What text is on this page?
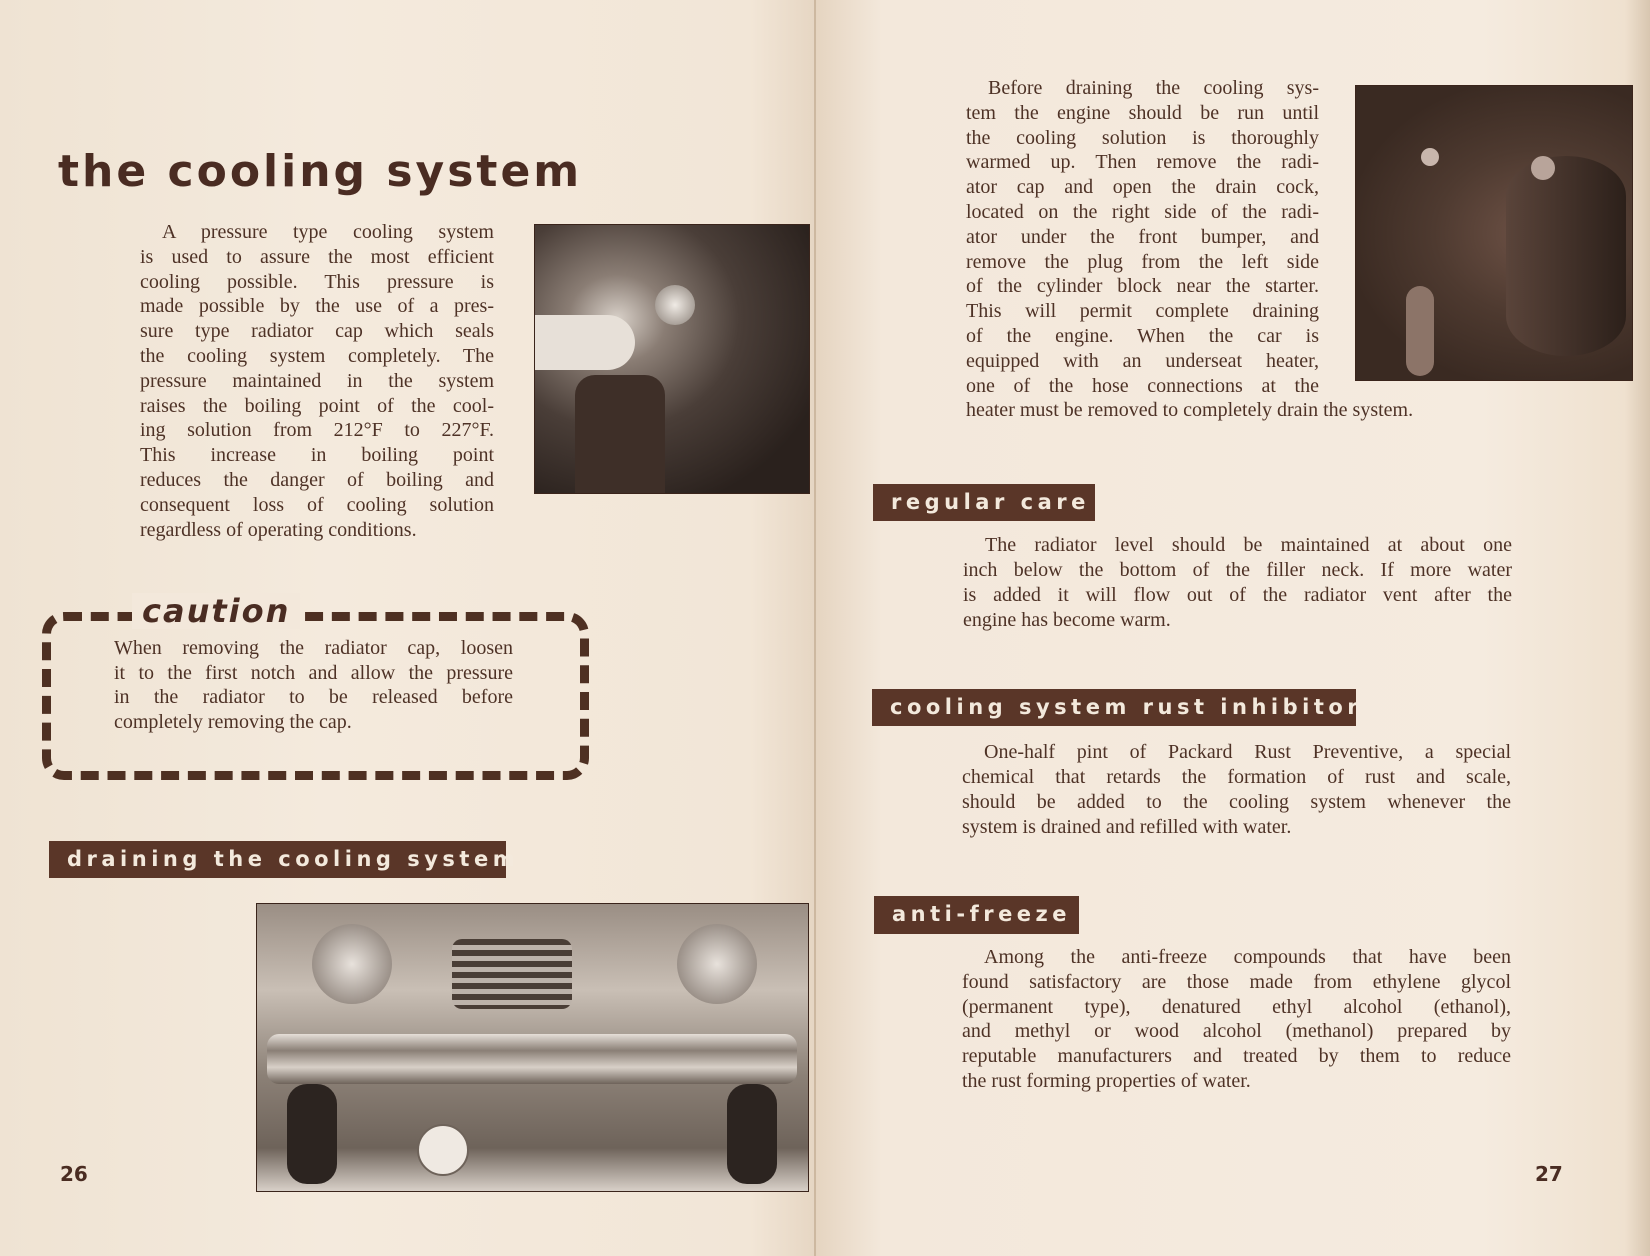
the cooling system
A pressure type cooling system
is used to assure the most efficient
cooling possible. This pressure is
made possible by the use of a pres-
sure type radiator cap which seals
the cooling system completely. The
pressure maintained in the system
raises the boiling point of the cool-
ing solution from 212°F to 227°F.
This increase in boiling point
reduces the danger of boiling and
consequent loss of cooling solution
regardless of operating conditions.
caution
When removing the radiator cap, loosen
it to the first notch and allow the pressure
in the radiator to be released before
completely removing the cap.
draining the cooling system
26
Before draining the cooling sys-
tem the engine should be run until
the cooling solution is thoroughly
warmed up. Then remove the radi-
ator cap and open the drain cock,
located on the right side of the radi-
ator under the front bumper, and
remove the plug from the left side
of the cylinder block near the starter.
This will permit complete draining
of the engine. When the car is
equipped with an underseat heater,
one of the hose connections at the
heater must be removed to completely drain the system.
regular care
The radiator level should be maintained at about one
inch below the bottom of the filler neck. If more water
is added it will flow out of the radiator vent after the
engine has become warm.
cooling system rust inhibitor
One-half pint of Packard Rust Preventive, a special
chemical that retards the formation of rust and scale,
should be added to the cooling system whenever the
system is drained and refilled with water.
anti-freeze
Among the anti-freeze compounds that have been
found satisfactory are those made from ethylene glycol
(permanent type), denatured ethyl alcohol (ethanol),
and methyl or wood alcohol (methanol) prepared by
reputable manufacturers and treated by them to reduce
the rust forming properties of water.
27
